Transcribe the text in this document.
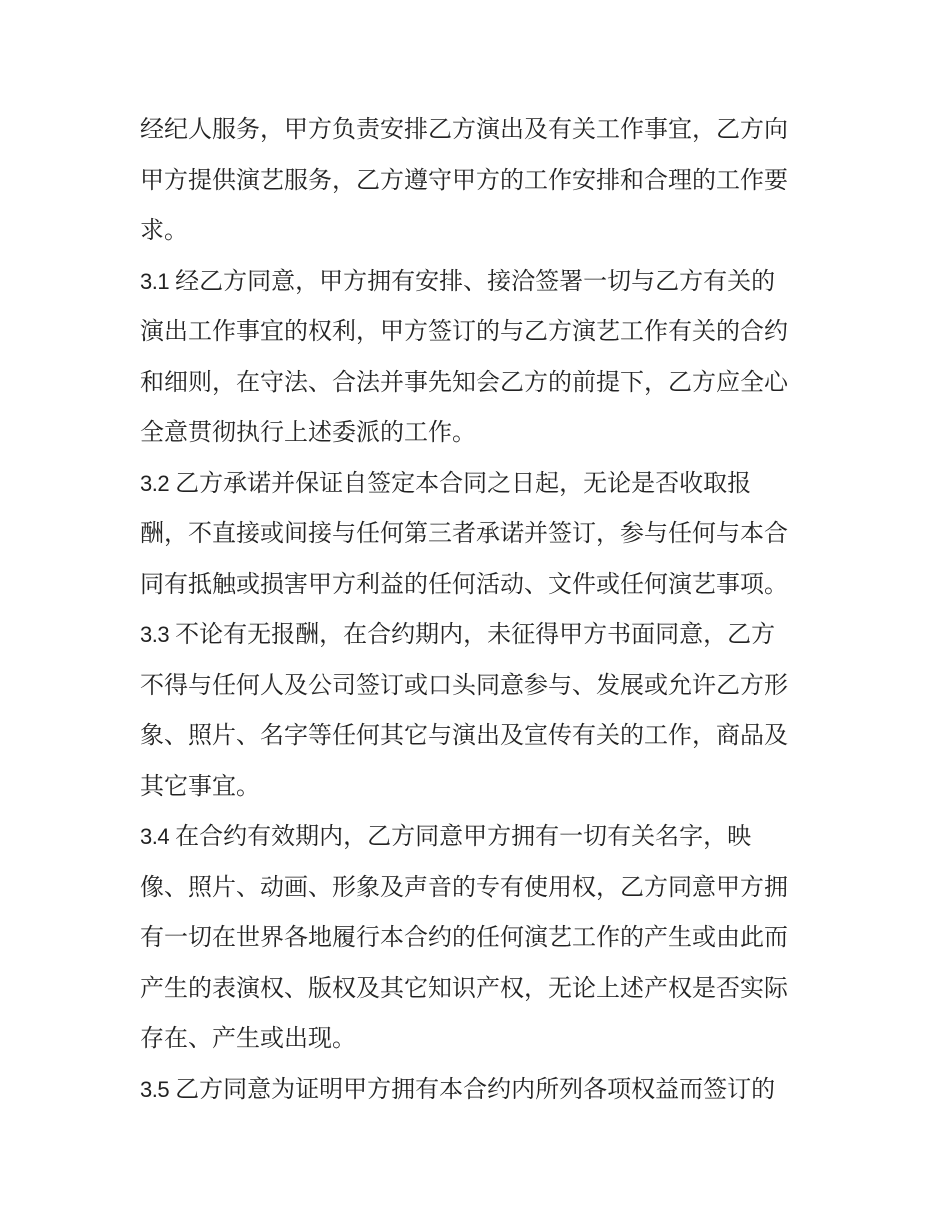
经纪人服务，甲方负责安排乙方演出及有关工作事宜，乙方向
甲方提供演艺服务，乙方遵守甲方的工作安排和合理的工作要
求。
3.1 经乙方同意，甲方拥有安排、接洽签署一切与乙方有关的
演出工作事宜的权利，甲方签订的与乙方演艺工作有关的合约
和细则，在守法、合法并事先知会乙方的前提下，乙方应全心
全意贯彻执行上述委派的工作。
3.2 乙方承诺并保证自签定本合同之日起，无论是否收取报
酬，不直接或间接与任何第三者承诺并签订，参与任何与本合
同有抵触或损害甲方利益的任何活动、文件或任何演艺事项。
3.3 不论有无报酬，在合约期内，未征得甲方书面同意，乙方
不得与任何人及公司签订或口头同意参与、发展或允许乙方形
象、照片、名字等任何其它与演出及宣传有关的工作，商品及
其它事宜。
3.4 在合约有效期内，乙方同意甲方拥有一切有关名字，映
像、照片、动画、形象及声音的专有使用权，乙方同意甲方拥
有一切在世界各地履行本合约的任何演艺工作的产生或由此而
产生的表演权、版权及其它知识产权，无论上述产权是否实际
存在、产生或出现。
3.5 乙方同意为证明甲方拥有本合约内所列各项权益而签订的
